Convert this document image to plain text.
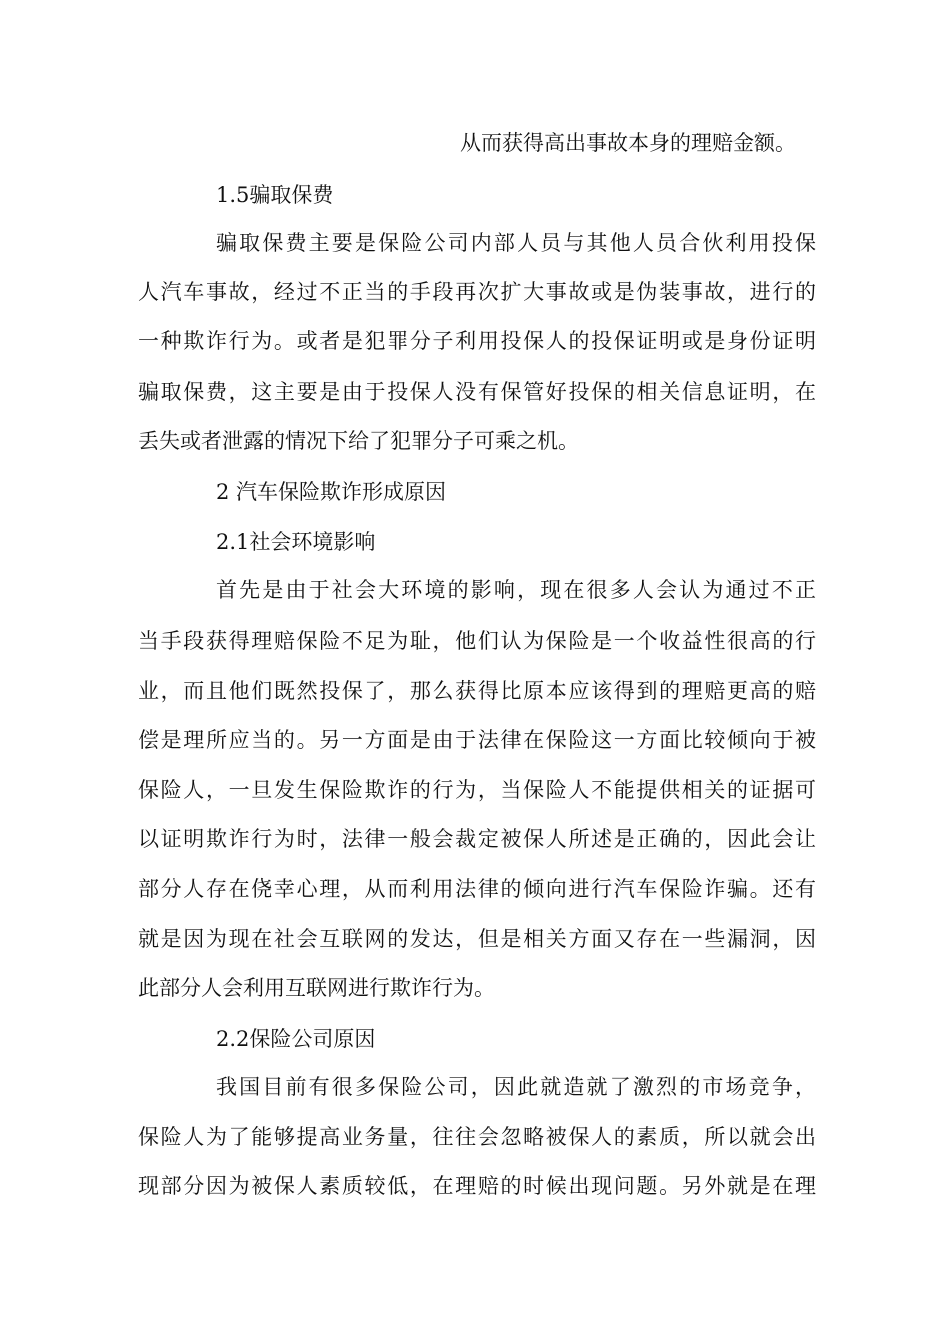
从而获得高出事故本身的理赔金额。
1.5骗取保费
骗取保费主要是保险公司内部人员与其他人员合伙利用投保
人汽车事故，经过不正当的手段再次扩大事故或是伪装事故，进行的
一种欺诈行为。或者是犯罪分子利用投保人的投保证明或是身份证明
骗取保费，这主要是由于投保人没有保管好投保的相关信息证明，在
丢失或者泄露的情况下给了犯罪分子可乘之机。
2 汽车保险欺诈形成原因
2.1社会环境影响
首先是由于社会大环境的影响，现在很多人会认为通过不正
当手段获得理赔保险不足为耻，他们认为保险是一个收益性很高的行
业，而且他们既然投保了，那么获得比原本应该得到的理赔更高的赔
偿是理所应当的。另一方面是由于法律在保险这一方面比较倾向于被
保险人，一旦发生保险欺诈的行为，当保险人不能提供相关的证据可
以证明欺诈行为时，法律一般会裁定被保人所述是正确的，因此会让
部分人存在侥幸心理，从而利用法律的倾向进行汽车保险诈骗。还有
就是因为现在社会互联网的发达，但是相关方面又存在一些漏洞，因
此部分人会利用互联网进行欺诈行为。
2.2保险公司原因
我国目前有很多保险公司，因此就造就了激烈的市场竞争，
保险人为了能够提高业务量，往往会忽略被保人的素质，所以就会出
现部分因为被保人素质较低，在理赔的时候出现问题。另外就是在理
